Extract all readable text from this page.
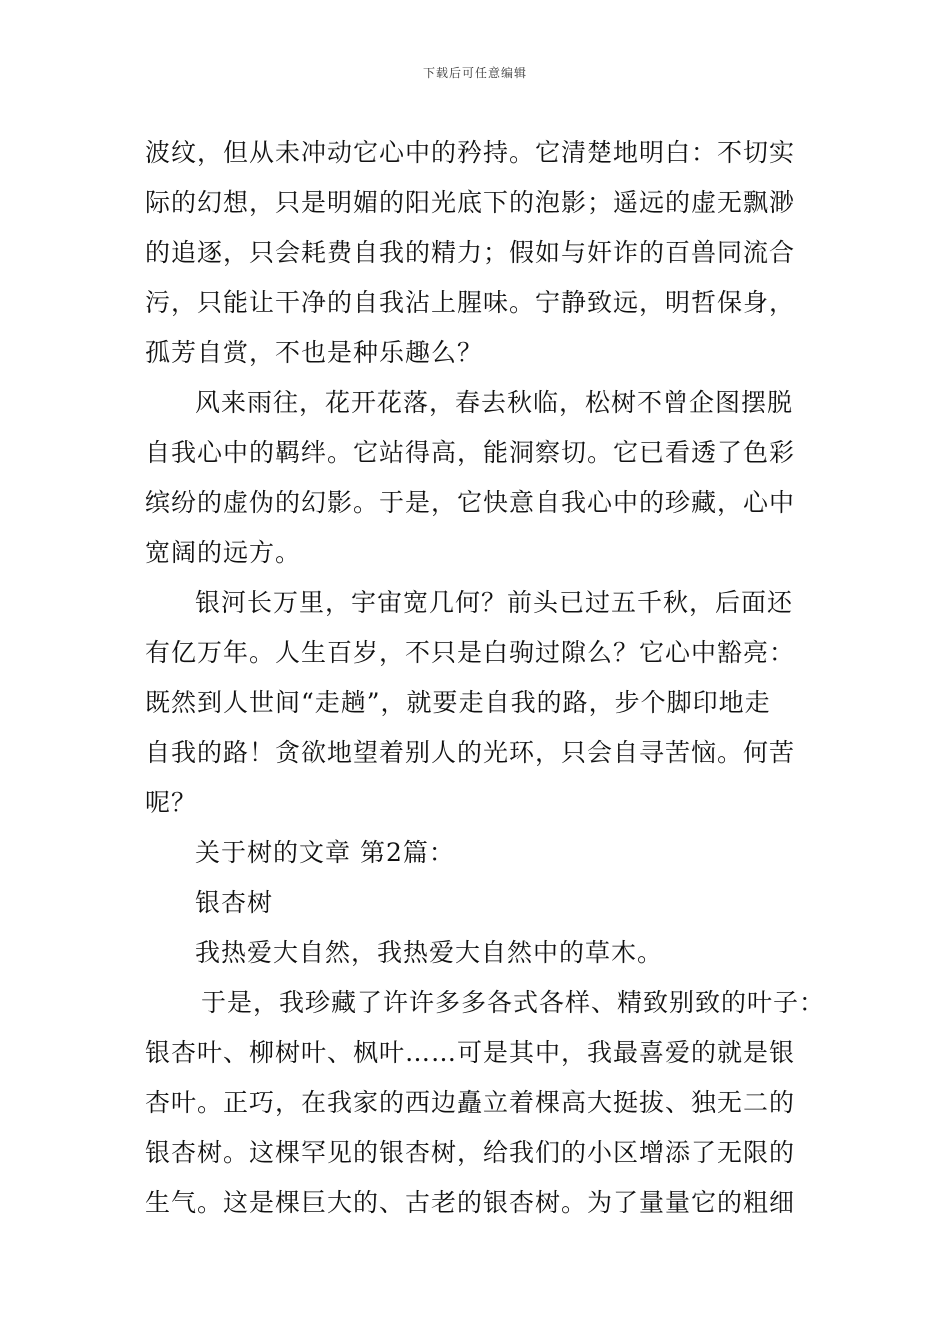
下载后可任意编辑
波纹，但从未冲动它心中的矜持。它清楚地明白：不切实
际的幻想，只是明媚的阳光底下的泡影；遥远的虚无飘渺
的追逐，只会耗费自我的精力；假如与奸诈的百兽同流合
污，只能让干净的自我沾上腥味。宁静致远，明哲保身，
孤芳自赏，不也是种乐趣么？
风来雨往，花开花落，春去秋临，松树不曾企图摆脱
自我心中的羁绊。它站得高，能洞察切。它已看透了色彩
缤纷的虚伪的幻影。于是，它快意自我心中的珍藏，心中
宽阔的远方。
银河长万里，宇宙宽几何？前头已过五千秋，后面还
有亿万年。人生百岁，不只是白驹过隙么？它心中豁亮：
既然到人世间“走趟”，就要走自我的路，步个脚印地走
自我的路！贪欲地望着别人的光环，只会自寻苦恼。何苦
呢？
关于树的文章 第2篇：
银杏树
我热爱大自然，我热爱大自然中的草木。
于是，我珍藏了许许多多各式各样、精致别致的叶子：
银杏叶、柳树叶、枫叶……可是其中，我最喜爱的就是银
杏叶。正巧，在我家的西边矗立着棵高大挺拔、独无二的
银杏树。这棵罕见的银杏树，给我们的小区增添了无限的
生气。这是棵巨大的、古老的银杏树。为了量量它的粗细
